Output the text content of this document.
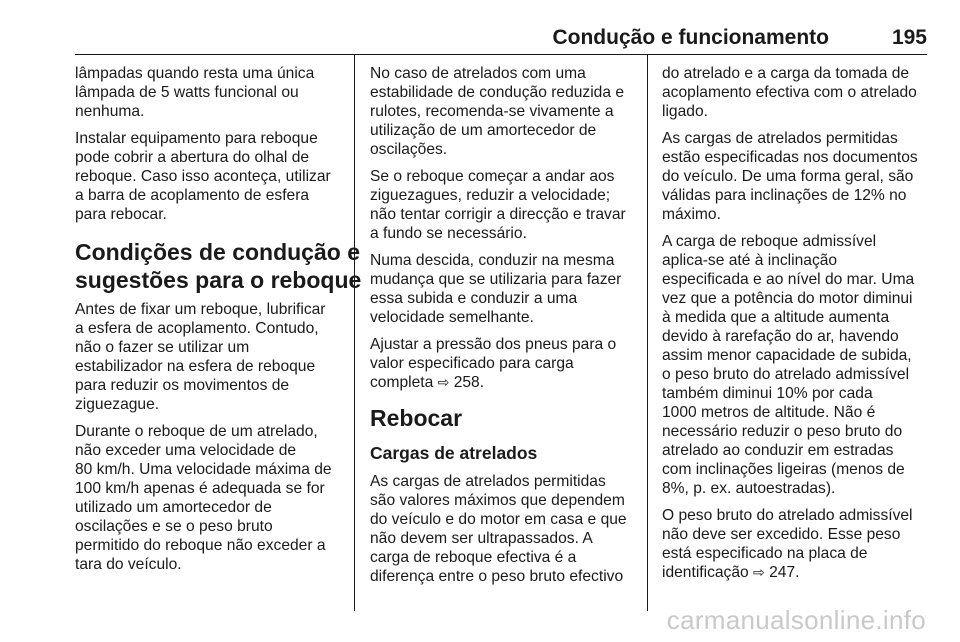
Condução e funcionamento	195

lâmpadas quando resta uma única
lâmpada de 5 watts funcional ou
nenhuma.

Instalar equipamento para reboque
pode cobrir a abertura do olhal de
reboque. Caso isso aconteça, utilizar
a barra de acoplamento de esfera
para rebocar.

Condições de condução e
sugestões para o reboque

Antes de fixar um reboque, lubrificar
a esfera de acoplamento. Contudo,
não o fazer se utilizar um
estabilizador na esfera de reboque
para reduzir os movimentos de
ziguezague.

Durante o reboque de um atrelado,
não exceder uma velocidade de
80 km/h. Uma velocidade máxima de
100 km/h apenas é adequada se for
utilizado um amortecedor de
oscilações e se o peso bruto
permitido do reboque não exceder a
tara do veículo.

No caso de atrelados com uma
estabilidade de condução reduzida e
rulotes, recomenda-se vivamente a
utilização de um amortecedor de
oscilações.

Se o reboque começar a andar aos
ziguezagues, reduzir a velocidade;
não tentar corrigir a direcção e travar
a fundo se necessário.

Numa descida, conduzir na mesma
mudança que se utilizaria para fazer
essa subida e conduzir a uma
velocidade semelhante.

Ajustar a pressão dos pneus para o
valor especificado para carga
completa ⇨ 258.

Rebocar
Cargas de atrelados

As cargas de atrelados permitidas
são valores máximos que dependem
do veículo e do motor em casa e que
não devem ser ultrapassados. A
carga de reboque efectiva é a
diferença entre o peso bruto efectivo

do atrelado e a carga da tomada de
acoplamento efectiva com o atrelado
ligado.

As cargas de atrelados permitidas
estão especificadas nos documentos
do veículo. De uma forma geral, são
válidas para inclinações de 12% no
máximo.

A carga de reboque admissível
aplica-se até à inclinação
especificada e ao nível do mar. Uma
vez que a potência do motor diminui
à medida que a altitude aumenta
devido à rarefação do ar, havendo
assim menor capacidade de subida,
o peso bruto do atrelado admissível
também diminui 10% por cada
1000 metros de altitude. Não é
necessário reduzir o peso bruto do
atrelado ao conduzir em estradas
com inclinações ligeiras (menos de
8%, p. ex. autoestradas).

O peso bruto do atrelado admissível
não deve ser excedido. Esse peso
está especificado na placa de
identificação ⇨ 247.

carmanualsonline.info
